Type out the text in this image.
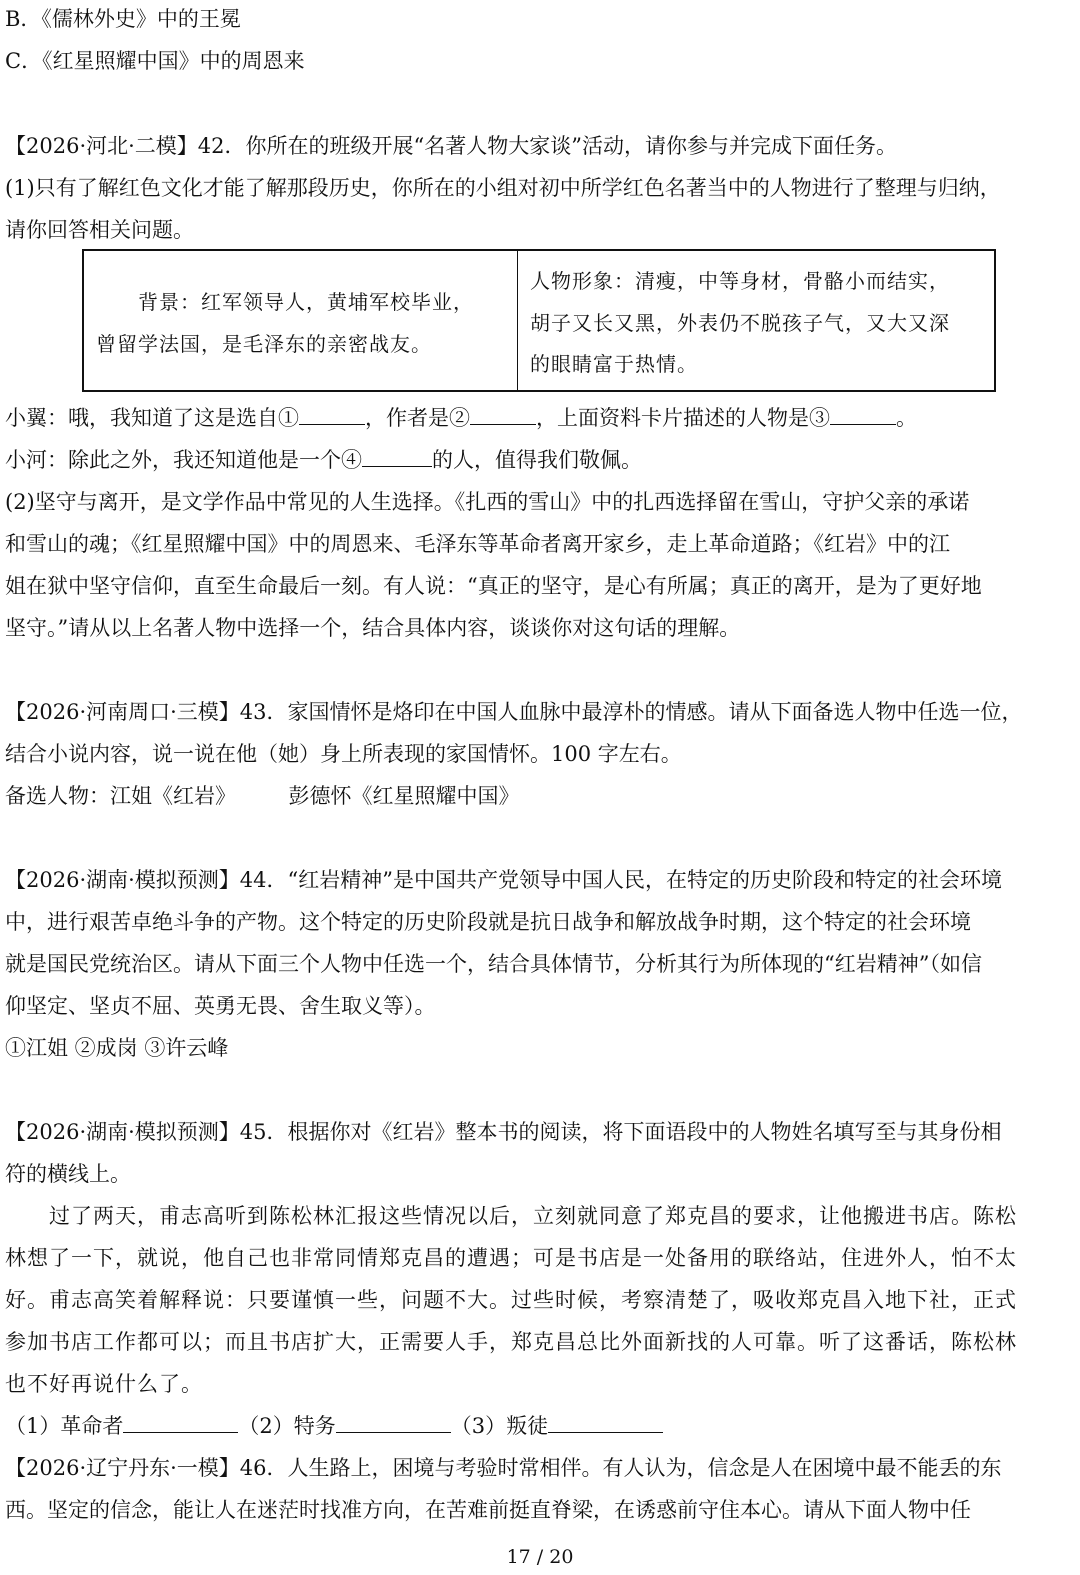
B．《儒林外史》中的王冕
C．《红星照耀中国》中的周恩来
【2026·河北·二模】42．你所在的班级开展“名著人物大家谈”活动，请你参与并完成下面任务。
(1)只有了解红色文化才能了解那段历史，你所在的小组对初中所学红色名著当中的人物进行了整理与归纳，
请你回答相关问题。
　　背景：红军领导人，黄埔军校毕业，
曾留学法国，是毛泽东的亲密战友。
人物形象：清瘦，中等身材，骨骼小而结实，
胡子又长又黑，外表仍不脱孩子气，又大又深
的眼睛富于热情。
小翼：哦，我知道了这是选自①	，作者是②	，上面资料卡片描述的人物是③	。
小河：除此之外，我还知道他是一个④	的人，值得我们敬佩。
(2)坚守与离开，是文学作品中常见的人生选择。《扎西的雪山》中的扎西选择留在雪山，守护父亲的承诺
和雪山的魂；《红星照耀中国》中的周恩来、毛泽东等革命者离开家乡，走上革命道路；《红岩》中的江
姐在狱中坚守信仰，直至生命最后一刻。有人说：“真正的坚守，是心有所属；真正的离开，是为了更好地
坚守。”请从以上名著人物中选择一个，结合具体内容，谈谈你对这句话的理解。
【2026·河南周口·三模】43．家国情怀是烙印在中国人血脉中最淳朴的情感。请从下面备选人物中任选一位，
结合小说内容，说一说在他（她）身上所表现的家国情怀。100 字左右。
备选人物：江姐《红岩》　　　彭德怀《红星照耀中国》
【2026·湖南·模拟预测】44．“红岩精神”是中国共产党领导中国人民，在特定的历史阶段和特定的社会环境
中，进行艰苦卓绝斗争的产物。这个特定的历史阶段就是抗日战争和解放战争时期，这个特定的社会环境
就是国民党统治区。请从下面三个人物中任选一个，结合具体情节，分析其行为所体现的“红岩精神”（如信
仰坚定、坚贞不屈、英勇无畏、舍生取义等）。
①江姐 ②成岗 ③许云峰
【2026·湖南·模拟预测】45．根据你对《红岩》整本书的阅读，将下面语段中的人物姓名填写至与其身份相
符的横线上。
　　过了两天，甫志高听到陈松林汇报这些情况以后，立刻就同意了郑克昌的要求，让他搬进书店。陈松
林想了一下，就说，他自己也非常同情郑克昌的遭遇；可是书店是一处备用的联络站，住进外人，怕不太
好。甫志高笑着解释说：只要谨慎一些，问题不大。过些时候，考察清楚了，吸收郑克昌入地下社，正式
参加书店工作都可以；而且书店扩大，正需要人手，郑克昌总比外面新找的人可靠。听了这番话，陈松林
也不好再说什么了。
（1）革命者	（2）特务	（3）叛徒
【2026·辽宁丹东·一模】46．人生路上，困境与考验时常相伴。有人认为，信念是人在困境中最不能丢的东
西。坚定的信念，能让人在迷茫时找准方向，在苦难前挺直脊梁，在诱惑前守住本心。请从下面人物中任
17 / 20
